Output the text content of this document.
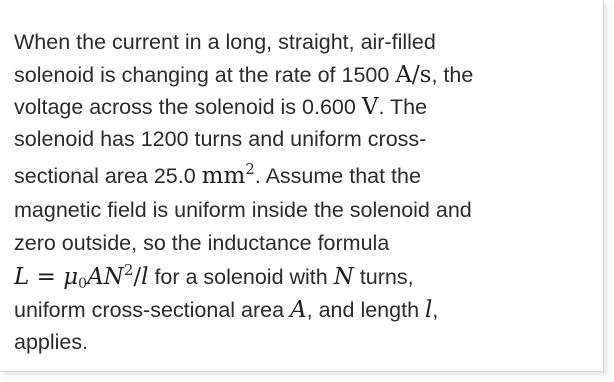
When the current in a long, straight, air-filled
solenoid is changing at the rate of 1500 A/s, the
voltage across the solenoid is 0.600 V. The
solenoid has 1200 turns and uniform cross-
sectional area 25.0 $mm^2$. Assume that the
magnetic field is uniform inside the solenoid and
zero outside, so the inductance formula
$L = \mu_0AN^2/l$ for a solenoid with N turns,
uniform cross-sectional area A, and length l,
applies.
